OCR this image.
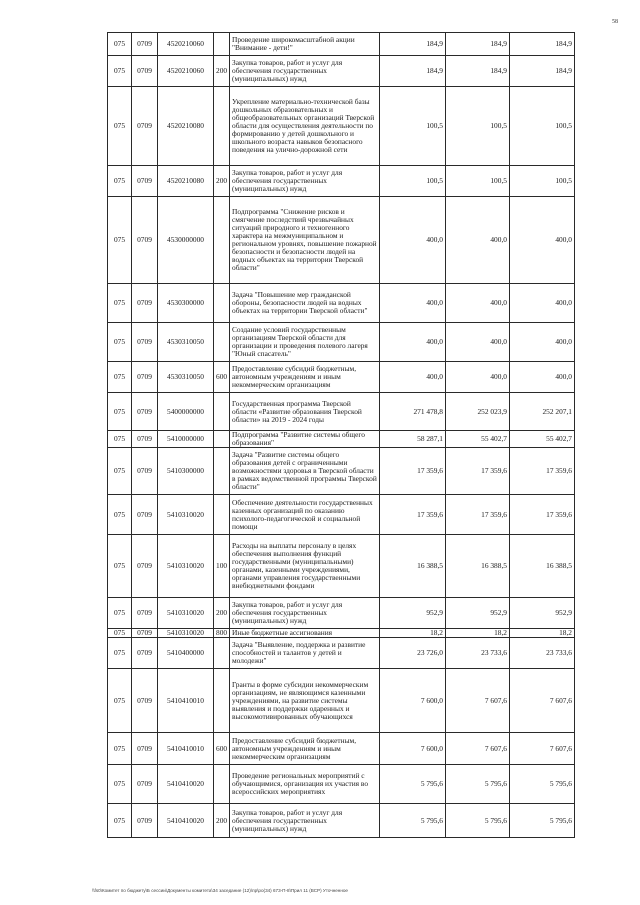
58
075	0709	4520210060		Проведение широкомасштабной акции "Внимание - дети!"	184,9	184,9	184,9
075	0709	4520210060	200	Закупка товаров, работ и услуг для обеспечения государственных (муниципальных) нужд	184,9	184,9	184,9
075	0709	4520210080		Укрепление материально-технической базы дошкольных образовательных и общеобразовательных организаций Тверской области для осуществления деятельности по формированию у детей дошкольного и школьного возраста навыков безопасного поведения на улично-дорожной сети	100,5	100,5	100,5
075	0709	4520210080	200	Закупка товаров, работ и услуг для обеспечения государственных (муниципальных) нужд	100,5	100,5	100,5
075	0709	4530000000		Подпрограмма "Снижение рисков и смягчение последствий чрезвычайных ситуаций природного и техногенного характера на межмуниципальном и региональном уровнях, повышение пожарной безопасности и безопасности людей на водных объектах на территории Тверской области"	400,0	400,0	400,0
075	0709	4530300000		Задача "Повышение мер гражданской обороны, безопасности людей на водных объектах на территории Тверской области"	400,0	400,0	400,0
075	0709	4530310050		Создание условий государственным организациям Тверской области для организации и проведения полевого лагеря "Юный спасатель"	400,0	400,0	400,0
075	0709	4530310050	600	Предоставление субсидий бюджетным, автономным учреждениям и иным некоммерческим организациям	400,0	400,0	400,0
075	0709	5400000000		Государственная программа Тверской области «Развитие образования Тверской области» на 2019 - 2024 годы	271 478,8	252 023,9	252 207,1
075	0709	5410000000		Подпрограмма "Развитие системы общего образования"	58 287,1	55 402,7	55 402,7
075	0709	5410300000		Задача "Развитие системы общего образования детей с ограниченными возможностями здоровья в Тверской области в рамках ведомственной программы Тверской области"	17 359,6	17 359,6	17 359,6
075	0709	5410310020		Обеспечение деятельности государственных казенных организаций по оказанию психолого-педагогической и социальной помощи	17 359,6	17 359,6	17 359,6
075	0709	5410310020	100	Расходы на выплаты персоналу в целях обеспечения выполнения функций государственными (муниципальными) органами, казенными учреждениями, органами управления государственными внебюджетными фондами	16 388,5	16 388,5	16 388,5
075	0709	5410310020	200	Закупка товаров, работ и услуг для обеспечения государственных (муниципальных) нужд	952,9	952,9	952,9
075	0709	5410310020	800	Иные бюджетные ассигнования	18,2	18,2	18,2
075	0709	5410400000		Задача "Выявление, поддержка и развитие способностей и талантов у детей и молодежи"	23 726,0	23 733,6	23 733,6
075	0709	5410410010		Гранты в форме субсидии некоммерческим организациям, не являющимся казенными учреждениями, на развитие системы выявления и поддержки одаренных и высокомотивированных обучающихся	7 600,0	7 607,6	7 607,6
075	0709	5410410010	600	Предоставление субсидий бюджетным, автономным учреждениям и иным некоммерческим организациям	7 600,0	7 607,6	7 607,6
075	0709	5410410020		Проведение региональных мероприятий с обучающимися, организация их участия во всероссийских мероприятиях	5 795,6	5 795,6	5 795,6
075	0709	5410410020	200	Закупка товаров, работ и услуг для обеспечения государственных (муниципальных) нужд	5 795,6	5 795,6	5 795,6
\\fs0\Комитет по бюджету\Б сессии\Документы комитета\34 заседание (12)\пр\ро(34) 673-П-8\Прил 11 (ВСР) Уточненное
